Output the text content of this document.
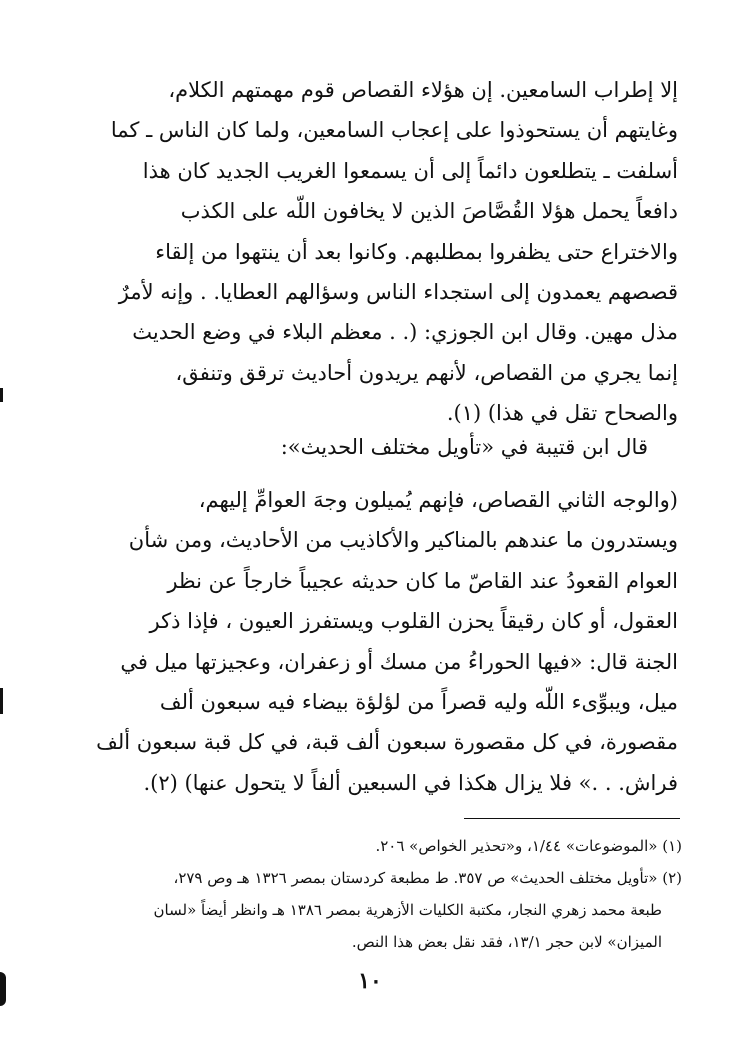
إلا إطراب السامعين. إن هؤلاء القصاص قوم مهمتهم الكلام،
وغايتهم أن يستحوذوا على إعجاب السامعين، ولما كان الناس ـ كما
أسلفت ـ يتطلعون دائماً إلى أن يسمعوا الغريب الجديد كان هذا
دافعاً يحمل هؤلا القُصَّاصَ الذين لا يخافون اللّه على الكذب
والاختراع حتى يظفروا بمطلبهم. وكانوا بعد أن ينتهوا من إلقاء
قصصهم يعمدون إلى استجداء الناس وسؤالهم العطايا. . وإنه لأمرٌ
مذل مهين. وقال ابن الجوزي: (. . معظم البلاء في وضع الحديث
إنما يجري من القصاص، لأنهم يريدون أحاديث ترقق وتنفق،
والصحاح تقل في هذا) (١).
قال ابن قتيبة في «تأويل مختلف الحديث»:
(والوجه الثاني القصاص، فإنهم يُميلون وجهَ العوامِّ إليهم،
ويستدرون ما عندهم بالمناكير والأكاذيب من الأحاديث، ومن شأن
العوام القعودُ عند القاصّ ما كان حديثه عجيباً خارجاً عن نظر
العقول، أو كان رقيقاً يحزن القلوب ويستفرز العيون ، فإذا ذكر
الجنة قال: «فيها الحوراءُ من مسك أو زعفران، وعجيزتها ميل في
ميل، ويبوِّىء اللّه وليه قصراً من لؤلؤة بيضاء فيه سبعون ألف
مقصورة، في كل مقصورة سبعون ألف قبة، في كل قبة سبعون ألف
فراش. . .» فلا يزال هكذا في السبعين ألفاً لا يتحول عنها) (٢).
(١) «الموضوعات» ١/٤٤، و«تحذير الخواص» ٢٠٦.
(٢) «تأويل مختلف الحديث» ص ٣٥٧. ط مطبعة كردستان بمصر ١٣٢٦ هـ وص ٢٧٩،
طبعة محمد زهري النجار، مكتبة الكليات الأزهرية بمصر ١٣٨٦ هـ وانظر أيضاً «لسان
الميزان» لابن حجر ١٣/١، فقد نقل بعض هذا النص.
١٠
